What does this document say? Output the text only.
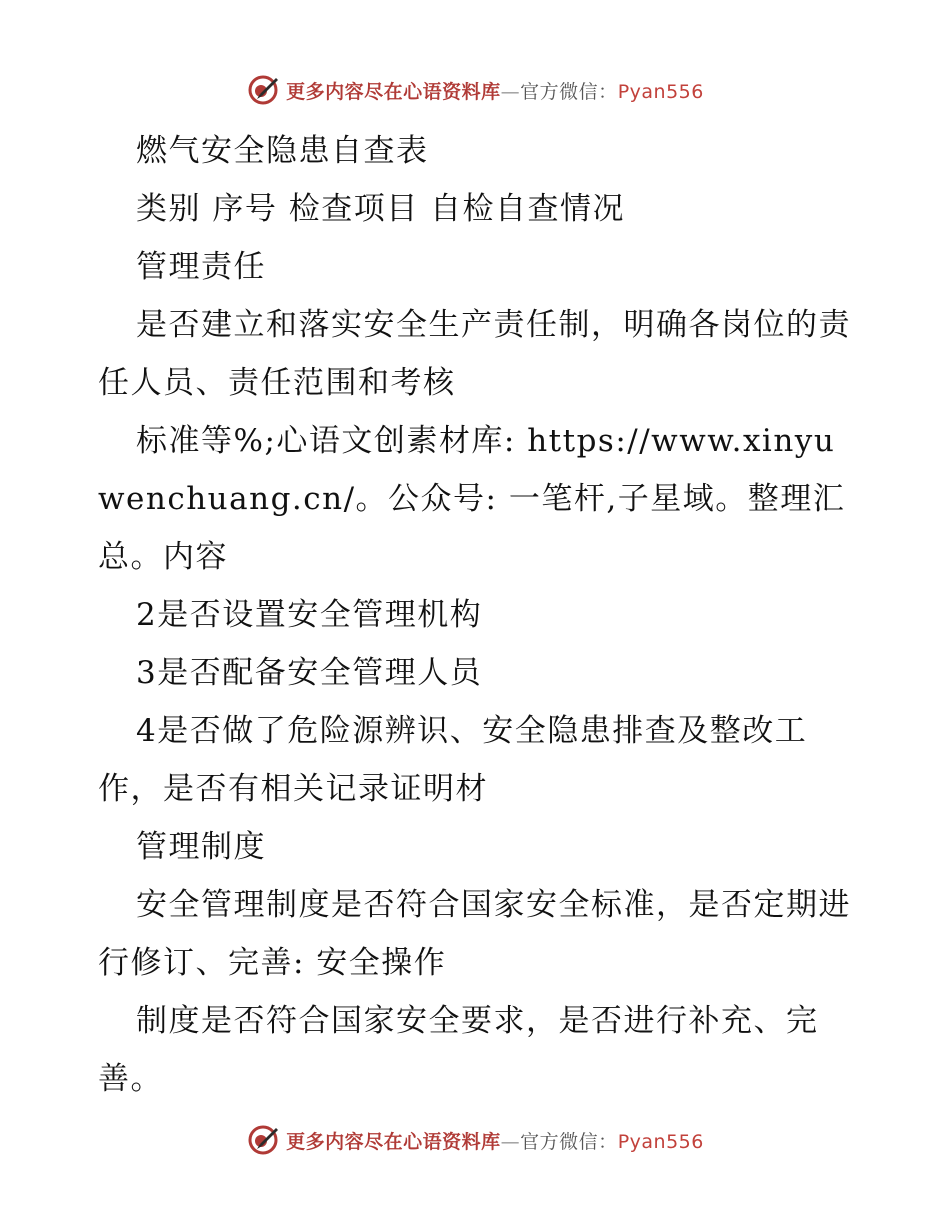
更多内容尽在心语资料库—官方微信：Pyan556

燃气安全隐患自查表

类别 序号 检查项目 自检自查情况

管理责任

是否建立和落实安全生产责任制，明确各岗位的责任人员、责任范围和考核

标准等%;心语文创素材库: https://www.xinyuwenchuang.cn/。公众号: 一笔杆,子星域。整理汇总。内容

2是否设置安全管理机构

3是否配备安全管理人员

4是否做了危险源辨识、安全隐患排查及整改工作，是否有相关记录证明材

管理制度

安全管理制度是否符合国家安全标准，是否定期进行修订、完善: 安全操作

制度是否符合国家安全要求，是否进行补充、完善。

更多内容尽在心语资料库—官方微信：Pyan556
